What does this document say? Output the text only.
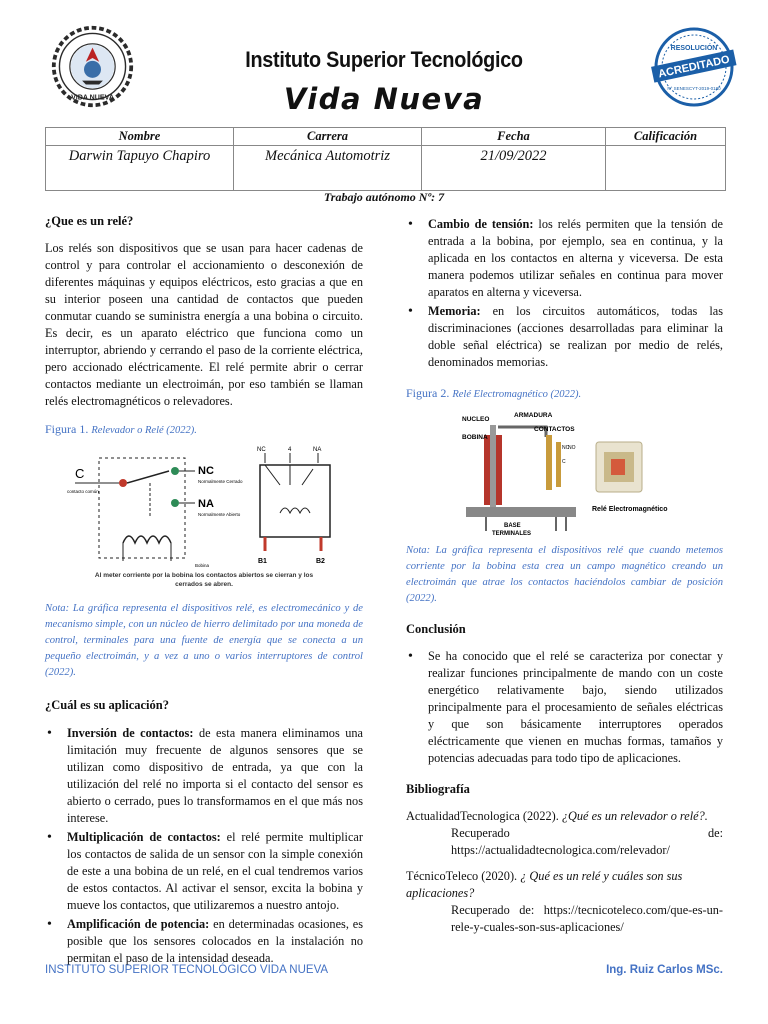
VIDA NUEVA
Instituto Superior Tecnológico
Vida Nueva
RESOLUCIÓN
ACREDITADO
N° SENESCYT-2019-0180
Nombre	Carrera	Fecha	Calificación
Darwin Tapuyo Chapiro	Mecánica Automotriz	21/09/2022	
Trabajo autónomo Nº: 7
¿Que es un relé?

Los relés son dispositivos que se usan para hacer cadenas de control y para controlar el accionamiento o desconexión de diferentes máquinas y equipos eléctricos, esto gracias a que en su interior poseen una cantidad de contactos que pueden conmutar cuando se suministra energía a una bobina o circuito. Es decir, es un aparato eléctrico que funciona como un interruptor, abriendo y cerrando el paso de la corriente eléctrica, pero accionado eléctricamente. El relé permite abrir o cerrar contactos mediante un electroimán, por eso también se llaman relés electromagnéticos o relevadores.

Figura 1. Relevador o Relé (2022).
NC
Normalmente Cerrado
NA
Normalmente Abierto
C
contacto común
Bobina
NC	4	NA
B1	B2
Al meter corriente por la bobina los contactos abiertos se cierran y los
cerrados se abren.

Nota: La gráfica representa el dispositivos relé, es electromecánico y de mecanismo simple, con un núcleo de hierro delimitado por una moneda de control, terminales para una fuente de energía que se conecta a un pequeño electroimán, y a vez a uno o varios interruptores de control (2022).

¿Cuál es su aplicación?
• Inversión de contactos: de esta manera eliminamos una limitación muy frecuente de algunos sensores que se utilizan como dispositivo de entrada, ya que con la utilización del relé no importa si el contacto del sensor es abierto o cerrado, pues lo transformamos en el que más nos interese.
• Multiplicación de contactos: el relé permite multiplicar los contactos de salida de un sensor con la simple conexión de este a una bobina de un relé, en el cual tendremos varios de estos contactos. Al activar el sensor, excita la bobina y mueve los contactos, que utilizaremos a nuestro antojo.
• Amplificación de potencia: en determinadas ocasiones, es posible que los sensores colocados en la instalación no permitan el paso de la intensidad deseada.
• Cambio de tensión: los relés permiten que la tensión de entrada a la bobina, por ejemplo, sea en continua, y la aplicada en los contactos en alterna y viceversa. De esta manera podemos utilizar señales en continua para mover aparatos en alterna y viceversa.
• Memoria: en los circuitos automáticos, todas las discriminaciones (acciones desarrolladas para eliminar la doble señal eléctrica) se realizan por medio de relés, denominados memorias.
Figura 2. Relé Electromagnético (2022).
NUCLEO
ARMADURA
CONTACTOS
BOBINA
BASE
TERMINALES
NC
C
NO
Relé Electromagnético

Nota: La gráfica representa el dispositivos relé que cuando metemos corriente por la bobina esta crea un campo magnético creando un electroimán que atrae los contactos haciéndolos cambiar de posición (2022).

Conclusión
• Se ha conocido que el relé se caracteriza por conectar y realizar funciones principalmente de mando con un coste energético relativamente bajo, siendo utilizados principalmente para el procesamiento de señales eléctricas y que son básicamente interruptores operados eléctricamente que vienen en muchas formas, tamaños y potencias adecuadas para todo tipo de aplicaciones.
Bibliografía

ActualidadTecnologica (2022). ¿Qué es un relevador o relé?.
Recuperado de: https://actualidadtecnologica.com/relevador/

TécnicoTeleco (2020). ¿ Qué es un relé y cuáles son sus aplicaciones?
Recuperado de: https://tecnicoteleco.com/que-es-un-rele-y-cuales-son-sus-aplicaciones/

INSTITUTO SUPERIOR TECNOLÓGICO VIDA NUEVA	Ing. Ruiz Carlos MSc.
